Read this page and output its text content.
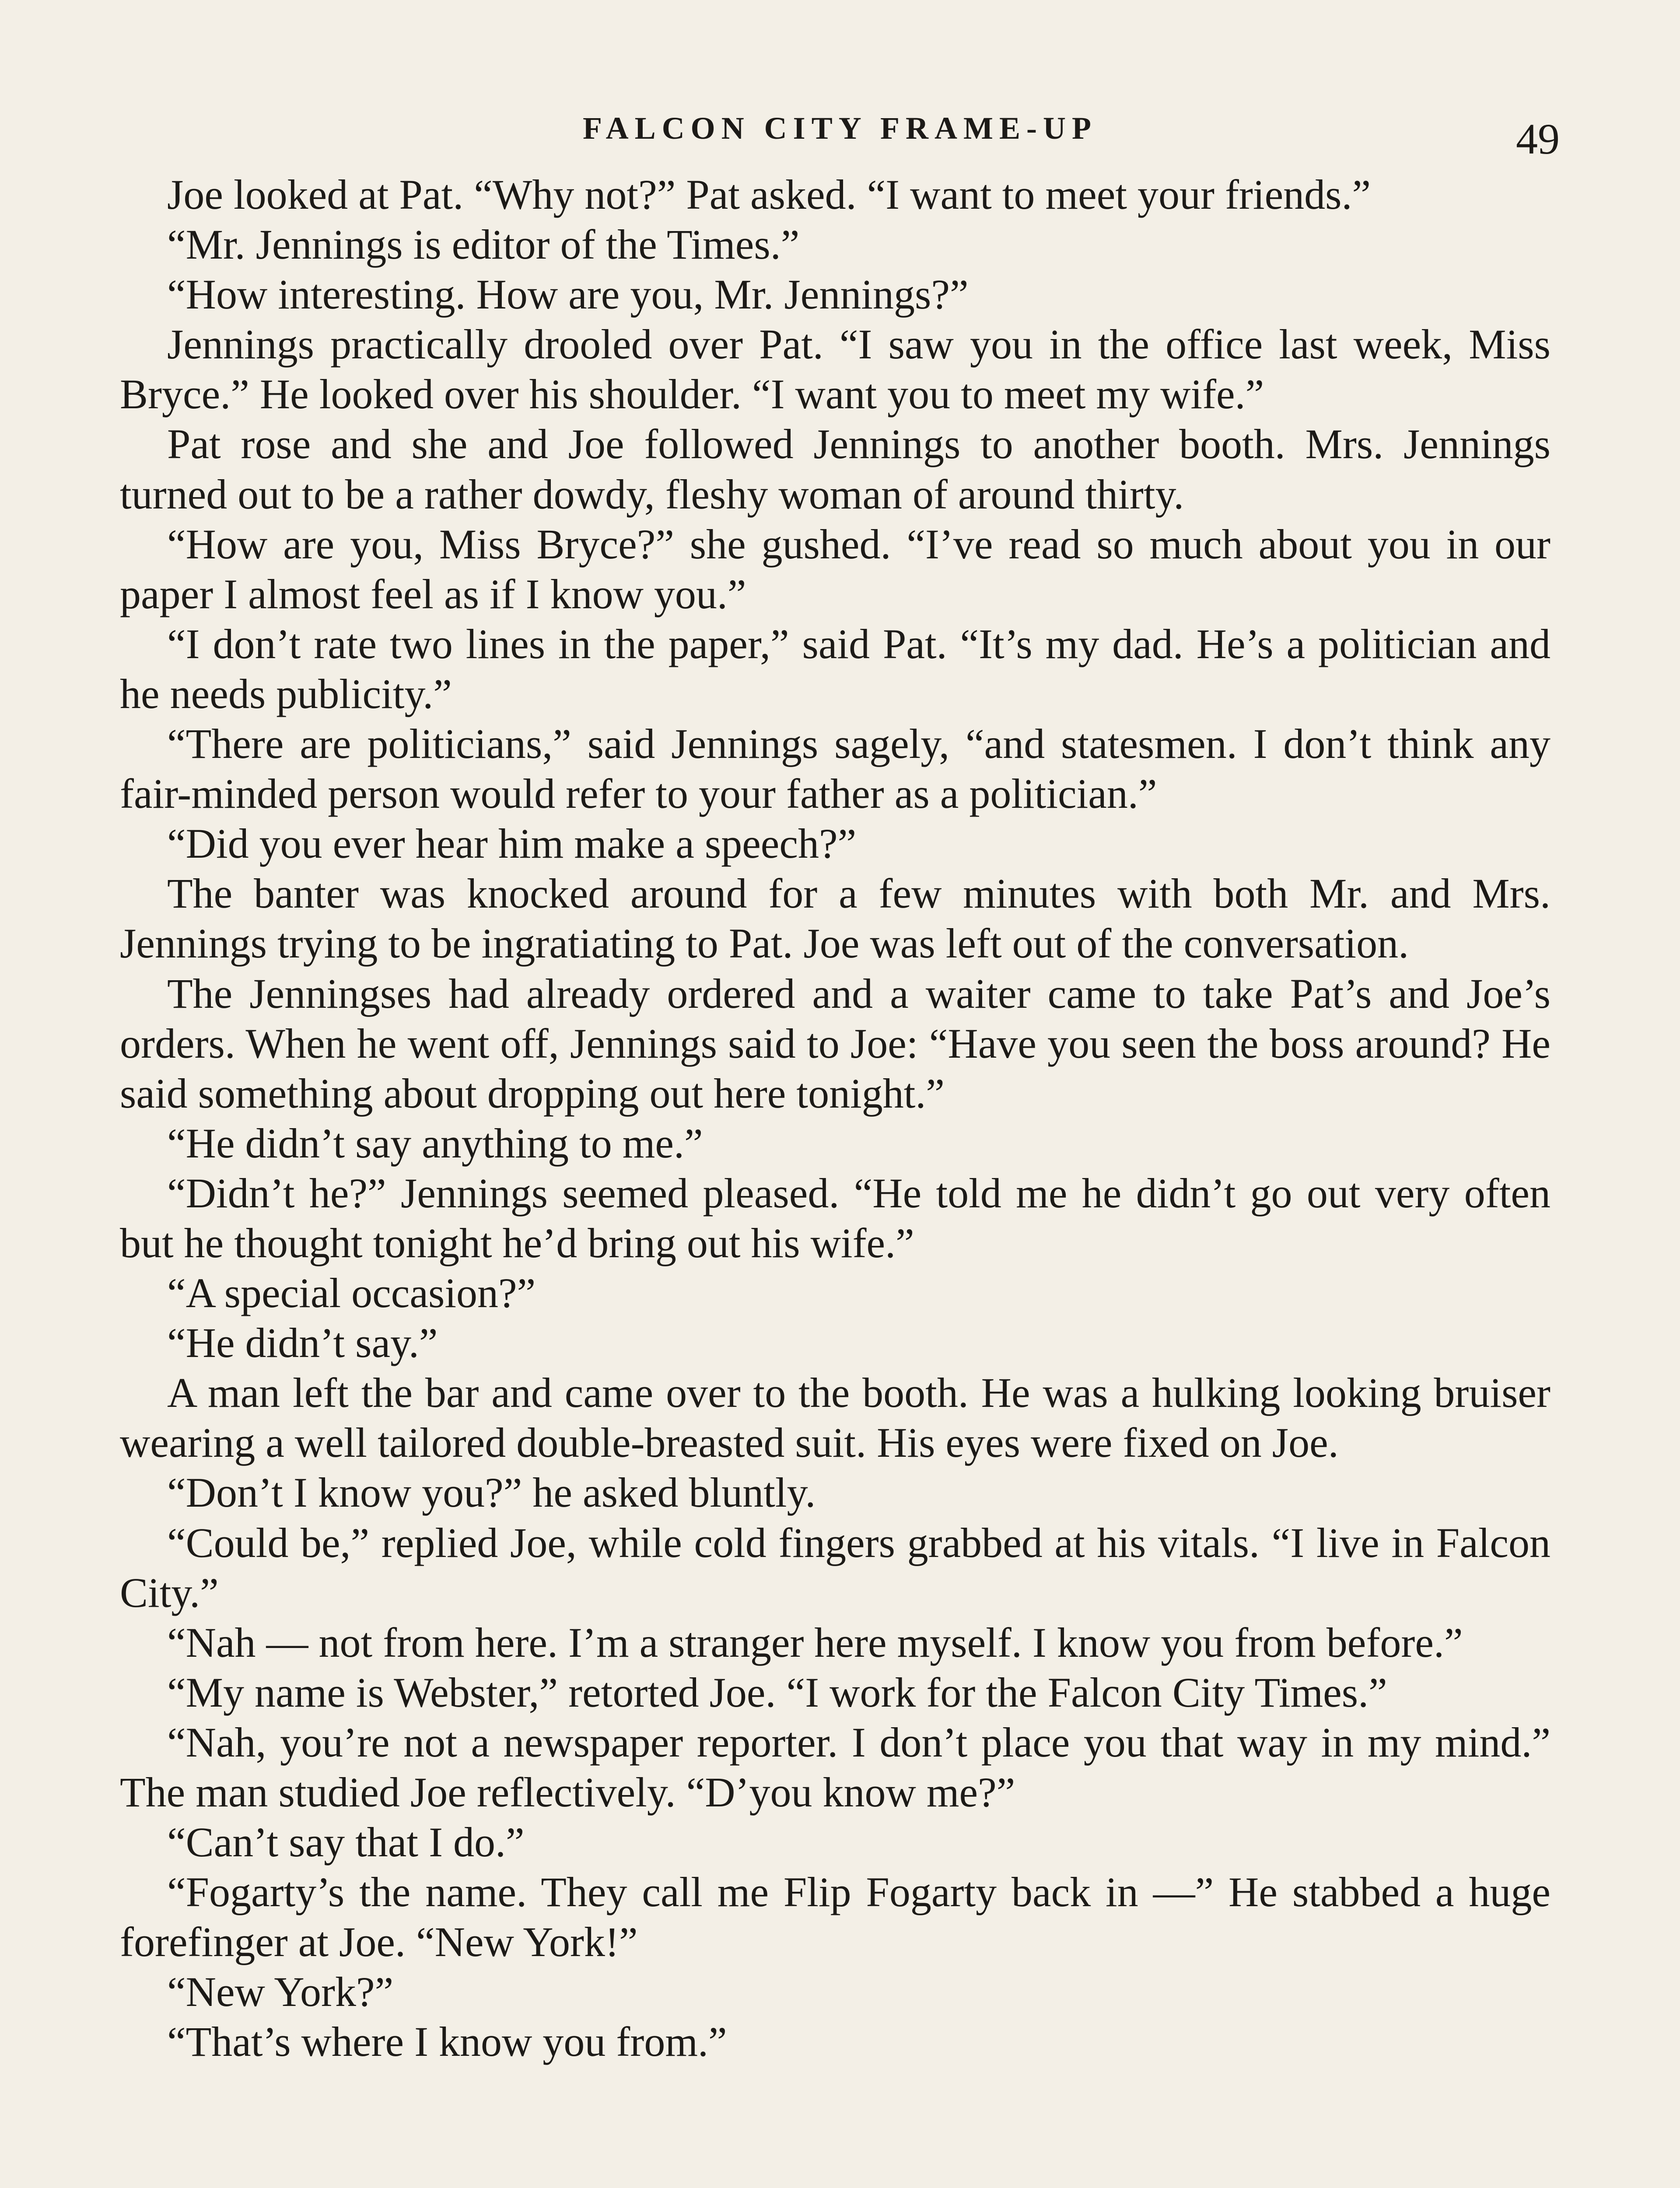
FALCON CITY FRAME-UP	49

Joe looked at Pat. “Why not?” Pat asked. “I want to meet your friends.”

“Mr. Jennings is editor of the Times.”

“How interesting. How are you, Mr. Jennings?”

Jennings practically drooled over Pat. “I saw you in the office last week, Miss Bryce.” He looked over his shoulder. “I want you to meet my wife.”

Pat rose and she and Joe followed Jennings to another booth. Mrs. Jennings turned out to be a rather dowdy, fleshy woman of around thirty.

“How are you, Miss Bryce?” she gushed. “I’ve read so much about you in our paper I almost feel as if I know you.”

“I don’t rate two lines in the paper,” said Pat. “It’s my dad. He’s a politician and he needs publicity.”

“There are politicians,” said Jennings sagely, “and statesmen. I don’t think any fair-minded person would refer to your father as a politician.”

“Did you ever hear him make a speech?”

The banter was knocked around for a few minutes with both Mr. and Mrs. Jennings trying to be ingratiating to Pat. Joe was left out of the conversation.

The Jenningses had already ordered and a waiter came to take Pat’s and Joe’s orders. When he went off, Jennings said to Joe: “Have you seen the boss around? He said something about dropping out here tonight.”

“He didn’t say anything to me.”

“Didn’t he?” Jennings seemed pleased. “He told me he didn’t go out very often but he thought tonight he’d bring out his wife.”

“A special occasion?”

“He didn’t say.”

A man left the bar and came over to the booth. He was a hulking looking bruiser wearing a well tailored double-breasted suit. His eyes were fixed on Joe.

“Don’t I know you?” he asked bluntly.

“Could be,” replied Joe, while cold fingers grabbed at his vitals. “I live in Falcon City.”

“Nah — not from here. I’m a stranger here myself. I know you from before.”

“My name is Webster,” retorted Joe. “I work for the Falcon City Times.”

“Nah, you’re not a newspaper reporter. I don’t place you that way in my mind.” The man studied Joe reflectively. “D’you know me?”

“Can’t say that I do.”

“Fogarty’s the name. They call me Flip Fogarty back in —” He stabbed a huge forefinger at Joe. “New York!”

“New York?”

“That’s where I know you from.”
